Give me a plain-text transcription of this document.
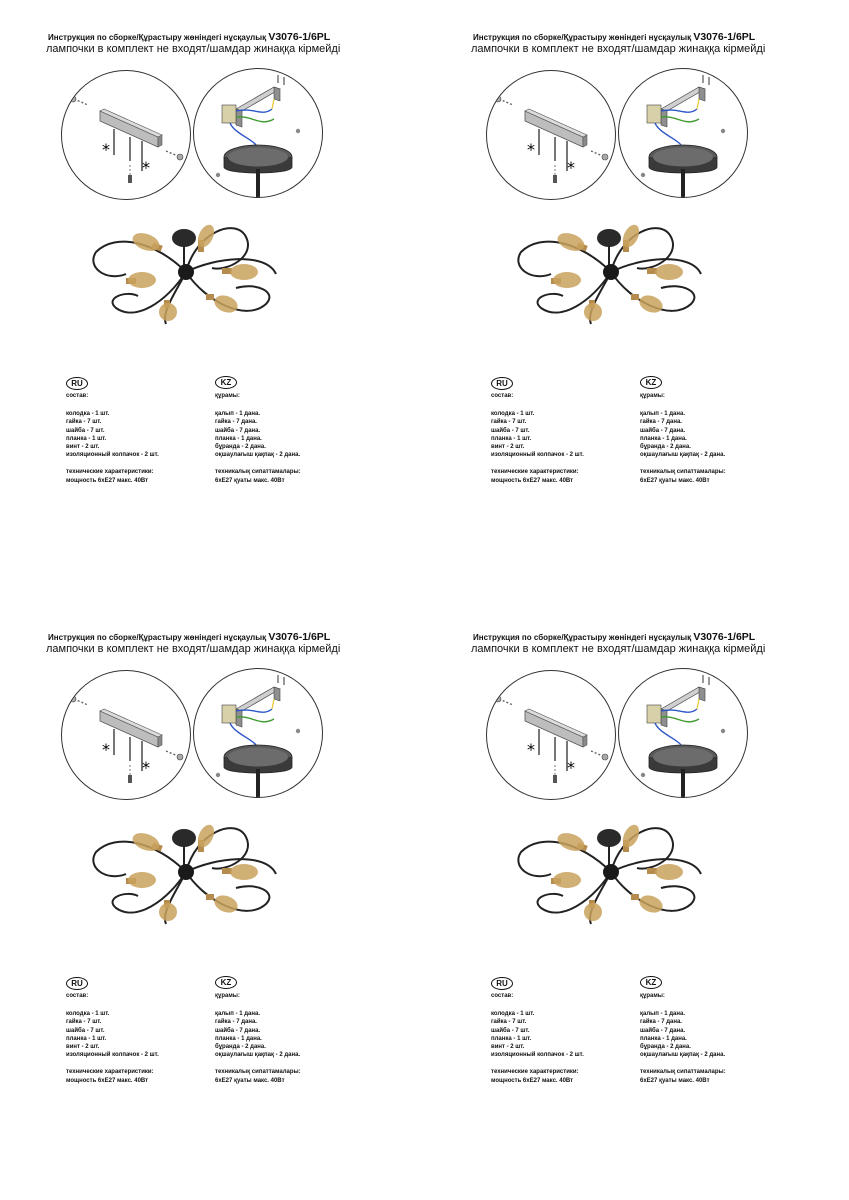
Инструкция по сборке/Құрастыру жөніндегі нұсқаулық V3076-1/6PL
лампочки в комплект не входят/шамдар жинаққа кірмейді
*
*
RU	KZ
состав:
колодка - 1 шт.
гайка - 7 шт.
шайба - 7 шт.
планка - 1 шт.
винт - 2 шт.
изоляционный колпачок - 2 шт.
технические характеристики:
мощность 6хЕ27 макс. 40Вт
құрамы:
қалып - 1 дана.
гайка - 7 дана.
шайба - 7 дана.
планка - 1 дана.
бұранда - 2 дана.
оқшаулағыш қақпақ - 2 дана.
техникалық сипаттамалары:
6хЕ27 қуаты макс. 40Вт
Инструкция по сборке/Құрастыру жөніндегі нұсқаулық V3076-1/6PL
лампочки в комплект не входят/шамдар жинаққа кірмейді
*
*
RU	KZ
состав:
колодка - 1 шт.
гайка - 7 шт.
шайба - 7 шт.
планка - 1 шт.
винт - 2 шт.
изоляционный колпачок - 2 шт.
технические характеристики:
мощность 6хЕ27 макс. 40Вт
құрамы:
қалып - 1 дана.
гайка - 7 дана.
шайба - 7 дана.
планка - 1 дана.
бұранда - 2 дана.
оқшаулағыш қақпақ - 2 дана.
техникалық сипаттамалары:
6хЕ27 қуаты макс. 40Вт
Инструкция по сборке/Құрастыру жөніндегі нұсқаулық V3076-1/6PL
лампочки в комплект не входят/шамдар жинаққа кірмейді
*
*
RU	KZ
состав:
колодка - 1 шт.
гайка - 7 шт.
шайба - 7 шт.
планка - 1 шт.
винт - 2 шт.
изоляционный колпачок - 2 шт.
технические характеристики:
мощность 6хЕ27 макс. 40Вт
құрамы:
қалып - 1 дана.
гайка - 7 дана.
шайба - 7 дана.
планка - 1 дана.
бұранда - 2 дана.
оқшаулағыш қақпақ - 2 дана.
техникалық сипаттамалары:
6хЕ27 қуаты макс. 40Вт
Инструкция по сборке/Құрастыру жөніндегі нұсқаулық V3076-1/6PL
лампочки в комплект не входят/шамдар жинаққа кірмейді
*
*
RU	KZ
состав:
колодка - 1 шт.
гайка - 7 шт.
шайба - 7 шт.
планка - 1 шт.
винт - 2 шт.
изоляционный колпачок - 2 шт.
технические характеристики:
мощность 6хЕ27 макс. 40Вт
құрамы:
қалып - 1 дана.
гайка - 7 дана.
шайба - 7 дана.
планка - 1 дана.
бұранда - 2 дана.
оқшаулағыш қақпақ - 2 дана.
техникалық сипаттамалары:
6хЕ27 қуаты макс. 40Вт
